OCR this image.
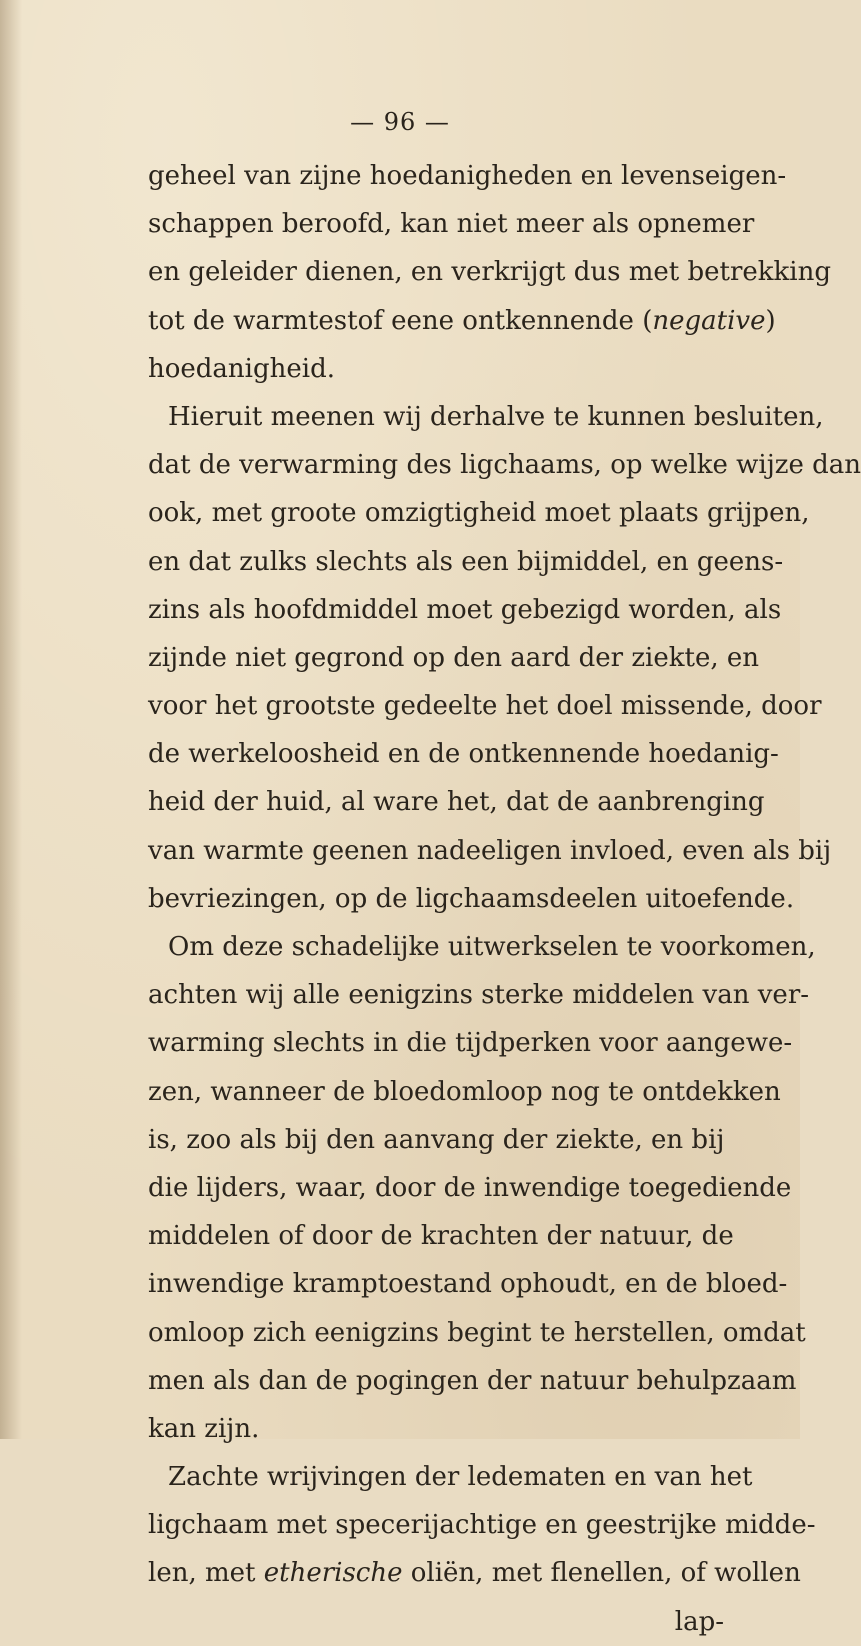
— 96 —
geheel van zijne hoedanigheden en levenseigen-
schappen beroofd, kan niet meer als opnemer
en geleider dienen, en verkrijgt dus met betrekking
tot de warmtestof eene ontkennende (negative)
hoedanigheid.
Hieruit meenen wij derhalve te kunnen besluiten,
dat de verwarming des ligchaams, op welke wijze dan
ook, met groote omzigtigheid moet plaats grijpen,
en dat zulks slechts als een bijmiddel, en geens-
zins als hoofdmiddel moet gebezigd worden, als
zijnde niet gegrond op den aard der ziekte, en
voor het grootste gedeelte het doel missende, door
de werkeloosheid en de ontkennende hoedanig-
heid der huid, al ware het, dat de aanbrenging
van warmte geenen nadeeligen invloed, even als bij
bevriezingen, op de ligchaamsdeelen uitoefende.
Om deze schadelijke uitwerkselen te voorkomen,
achten wij alle eenigzins sterke middelen van ver-
warming slechts in die tijdperken voor aangewe-
zen, wanneer de bloedomloop nog te ontdekken
is, zoo als bij den aanvang der ziekte, en bij
die lijders, waar, door de inwendige toegediende
middelen of door de krachten der natuur, de
inwendige kramptoestand ophoudt, en de bloed-
omloop zich eenigzins begint te herstellen, omdat
men als dan de pogingen der natuur behulpzaam
kan zijn.
Zachte wrijvingen der ledematen en van het
ligchaam met specerijachtige en geestrijke midde-
len, met etherische oliën, met flenellen, of wollen
lap-
